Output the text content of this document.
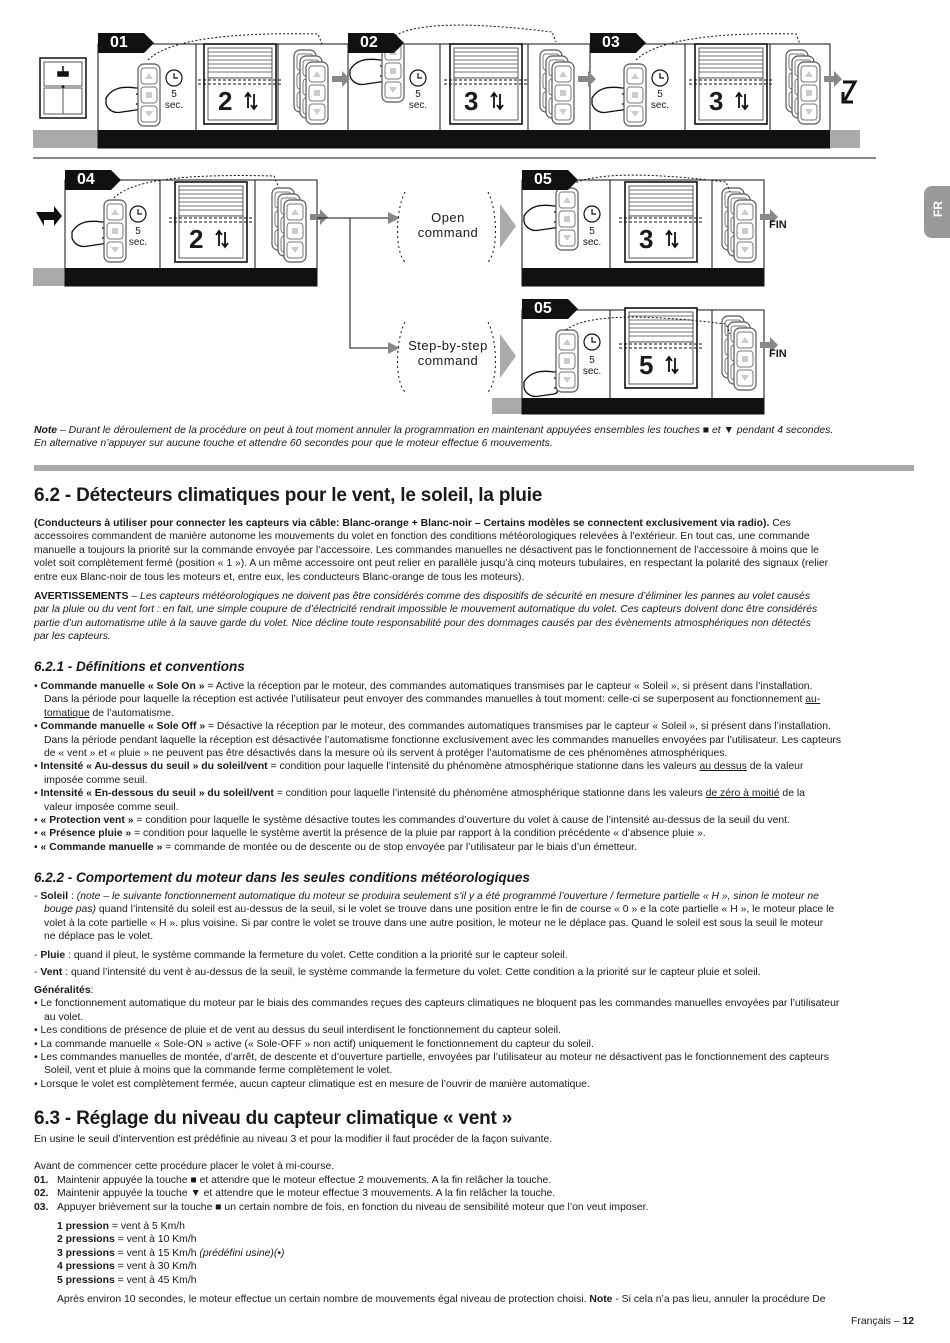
FR
01	02	03
04	05
05
2	3	3
2	3
5
5
sec.
5
sec.
5
sec.
5
sec.
5
sec.
5
sec.
Open command
Step-by-step command
FIN
FIN
Note – Durant le déroulement de la procédure on peut à tout moment annuler la programmation en maintenant appuyées ensembles les touches ■ et ▼ pendant 4 secondes.
En alternative n’appuyer sur aucune touche et attendre 60 secondes pour que le moteur effectue 6 mouvements.
6.2 - Détecteurs climatiques pour le vent, le soleil, la pluie
(Conducteurs à utiliser pour connecter les capteurs via câble: Blanc-orange + Blanc-noir – Certains modèles se connectent exclusivement via radio). Ces
accessoires commandent de manière autonome les mouvements du volet en fonction des conditions météorologiques relevées à l’extérieur. En tout cas, une commande
manuelle a toujours la priorité sur la commande envoyée par l’accessoire. Les commandes manuelles ne désactivent pas le fonctionnement de l’accessoire à moins que le
volet soit complètement fermé (position « 1 »). A un même accessoire ont peut relier en parallèle jusqu’à cinq moteurs tubulaires, en respectant la polarité des signaux (relier
entre eux Blanc-noir de tous les moteurs et, entre eux, les conducteurs Blanc-orange de tous les moteurs).
AVERTISSEMENTS – Les capteurs météorologiques ne doivent pas être considérés comme des dispositifs de sécurité en mesure d’éliminer les pannes au volet causés
par la pluie ou du vent fort : en fait, une simple coupure de d’électricité rendrait impossible le mouvement automatique du volet. Ces capteurs doivent donc être considérés
partie d’un automatisme utile à la sauve garde du volet. Nice décline toute responsabilité pour des dommages causés par des évènements atmosphériques non détectés
par les capteurs.
6.2.1 - Définitions et conventions
• Commande manuelle « Sole On » = Active la réception par le moteur, des commandes automatiques transmises par le capteur « Soleil », si présent dans l’installation.
Dans la période pour laquelle la réception est activée l’utilisateur peut envoyer des commandes manuelles à tout moment: celle-ci se superposent au fonctionnement au-
tomatique de l’automatisme.
• Commande manuelle « Sole Off » = Désactive la réception par le moteur, des commandes automatiques transmises par le capteur « Soleil », si présent dans l’installation.
Dans la période pendant laquelle la réception est désactivée l’automatisme fonctionne exclusivement avec les commandes manuelles envoyées par l’utilisateur. Les capteurs
de « vent » et « pluie » ne peuvent pas être désactivés dans la mesure où ils servent à protéger l’automatisme de ces phénomènes atmosphériques.
• Intensité « Au-dessus du seuil » du soleil/vent = condition pour laquelle l’intensité du phénomène atmosphérique stationne dans les valeurs au dessus de la valeur
imposée comme seuil.
• Intensité « En-dessous du seuil » du soleil/vent = condition pour laquelle l’intensité du phénomène atmosphérique stationne dans les valeurs de zéro à moitié de la
valeur imposée comme seuil.
• « Protection vent » = condition pour laquelle le système désactive toutes les commandes d’ouverture du volet à cause de l’intensité au-dessus de la seuil du vent.
• « Présence pluie » = condition pour laquelle le système avertit la présence de la pluie par rapport à la condition précédente « d’absence pluie ».
• « Commande manuelle » = commande de montée ou de descente ou de stop envoyée par l’utilisateur par le biais d’un émetteur.
6.2.2 - Comportement du moteur dans les seules conditions météorologiques
- Soleil : (note – le suivante fonctionnement automatique du moteur se produira seulement s’il y a été programmé l’ouverture / fermeture partielle « H », sinon le moteur ne
bouge pas) quand l’intensité du soleil est au-dessus de la seuil, si le volet se trouve dans une position entre le fin de course « 0 » e la cote partielle « H », le moteur place le
volet à la cote partielle « H ». plus voisine. Si par contre le volet se trouve dans une autre position, le moteur ne le déplace pas. Quand le soleil est sous la seuil le moteur
ne déplace pas le volet.
- Pluie : quand il pleut, le système commande la fermeture du volet. Cette condition a la priorité sur le capteur soleil.
- Vent : quand l’intensité du vent è au-dessus de la seuil, le système commande la fermeture du volet. Cette condition a la priorité sur le capteur pluie et soleil.
Généralités:
• Le fonctionnement automatique du moteur par le biais des commandes reçues des capteurs climatiques ne bloquent pas les commandes manuelles envoyées par l’utilisateur
au volet.
• Les conditions de présence de pluie et de vent au dessus du seuil interdisent le fonctionnement du capteur soleil.
• La commande manuelle « Sole-ON » active (« Sole-OFF » non actif) uniquement le fonctionnement du capteur du soleil.
• Les commandes manuelles de montée, d’arrêt, de descente et d’ouverture partielle, envoyées par l’utilisateur au moteur ne désactivent pas le fonctionnement des capteurs
Soleil, vent et pluie à moins que la commande ferme complètement le volet.
• Lorsque le volet est complètement fermée, aucun capteur climatique est en mesure de l’ouvrir de manière automatique.
6.3 - Réglage du niveau du capteur climatique « vent »
En usine le seuil d’intervention est prédéfinie au niveau 3 et pour la modifier il faut procéder de la façon suivante.
Avant de commencer cette procédure placer le volet à mi-course.
01. Maintenir appuyée la touche ■ et attendre que le moteur effectue 2 mouvements. A la fin relâcher la touche.
02. Maintenir appuyée la touche ▼ et attendre que le moteur effectue 3 mouvements. A la fin relâcher la touche.
03. Appuyer brièvement sur la touche ■ un certain nombre de fois, en fonction du niveau de sensibilité moteur que l’on veut imposer.
1 pression = vent à 5 Km/h
2 pressions = vent à 10 Km/h
3 pressions = vent à 15 Km/h (prédéfini usine)(•)
4 pressions = vent à 30 Km/h
5 pressions = vent à 45 Km/h
Après environ 10 secondes, le moteur effectue un certain nombre de mouvements égal niveau de protection choisi. Note - Si cela n’a pas lieu, annuler la procédure De
Français – 12
